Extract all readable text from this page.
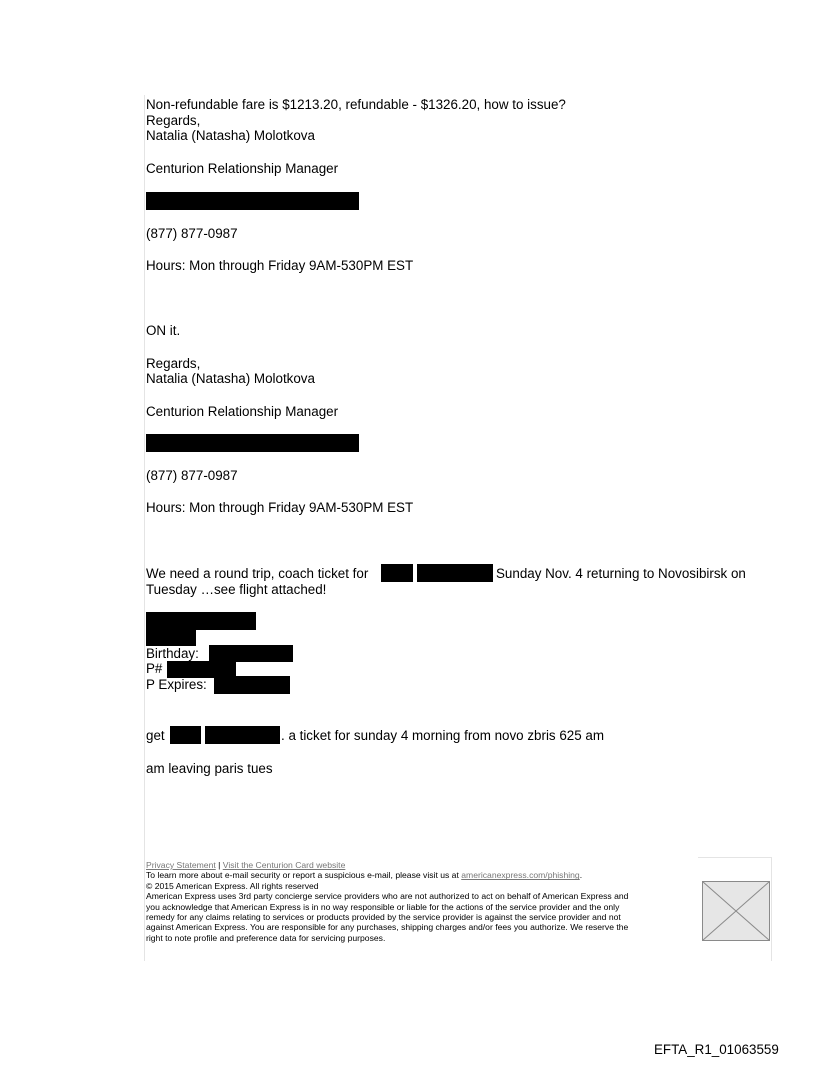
Non-refundable fare is $1213.20, refundable - $1326.20, how to issue?
Regards,
Natalia (Natasha) Molotkova
Centurion Relationship Manager
(877) 877-0987
Hours: Mon through Friday 9AM-530PM EST
ON it.
Regards,
Natalia (Natasha) Molotkova
Centurion Relationship Manager
(877) 877-0987
Hours: Mon through Friday 9AM-530PM EST
We need a round trip, coach ticket for	Sunday Nov. 4 returning to Novosibirsk on
Tuesday …see flight attached!
Birthday:
P#
P Expires:
get	. a ticket for sunday 4 morning from novo zbris 625 am
am leaving paris tues
Privacy Statement | Visit the Centurion Card website
To learn more about e-mail security or report a suspicious e-mail, please visit us at americanexpress.com/phishing.
© 2015 American Express. All rights reserved
American Express uses 3rd party concierge service providers who are not authorized to act on behalf of American Express and
you acknowledge that American Express is in no way responsible or liable for the actions of the service provider and the only
remedy for any claims relating to services or products provided by the service provider is against the service provider and not
against American Express. You are responsible for any purchases, shipping charges and/or fees you authorize. We reserve the
right to note profile and preference data for servicing purposes.
EFTA_R1_01063559
